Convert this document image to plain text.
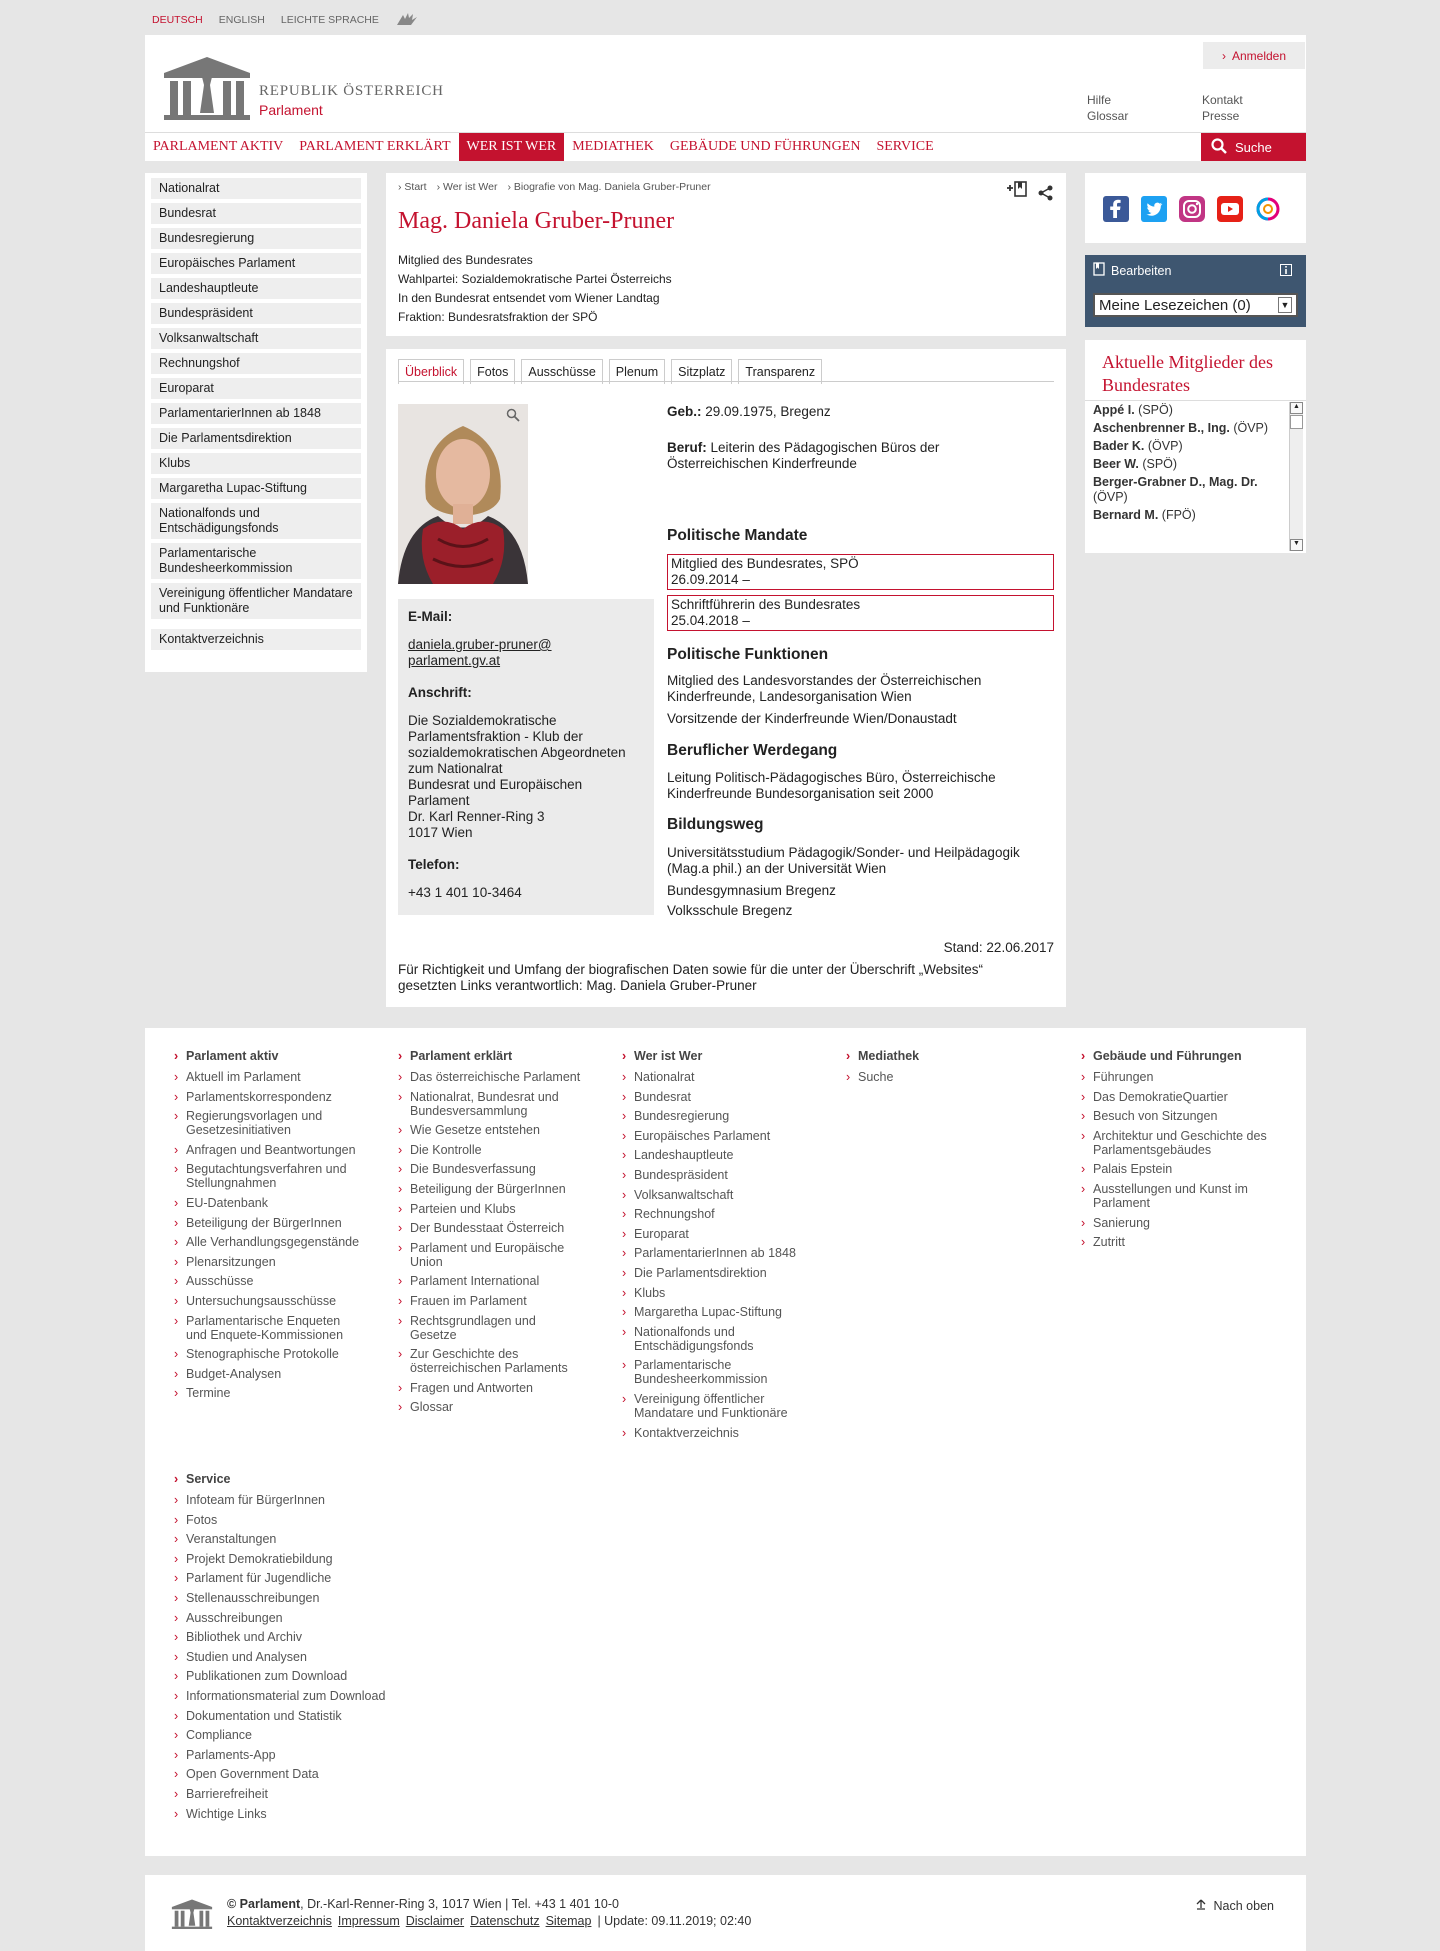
DEUTSCH ENGLISH LEICHTE SPRACHE
› Anmelden
Hilfe
Glossar
Kontakt
Presse
REPUBLIK ÖSTERREICH
Parlament
PARLAMENT AKTIV	PARLAMENT ERKLÄRT	WER IST WER	MEDIATHEK	GEBÄUDE UND FÜHRUNGEN	SERVICE	Suche
Nationalrat
Bundesrat
Bundesregierung
Europäisches Parlament
Landeshauptleute
Bundespräsident
Volksanwaltschaft
Rechnungshof
Europarat
ParlamentarierInnen ab 1848
Die Parlamentsdirektion
Klubs
Margaretha Lupac-Stiftung
Nationalfonds und Entschädigungsfonds
Parlamentarische Bundesheerkommission
Vereinigung öffentlicher Mandatare und Funktionäre
Kontaktverzeichnis
› Start	› Wer ist Wer	› Biografie von Mag. Daniela Gruber-Pruner
Mag. Daniela Gruber-Pruner
Mitglied des Bundesrates
Wahlpartei: Sozialdemokratische Partei Österreichs
In den Bundesrat entsendet vom Wiener Landtag
Fraktion: Bundesratsfraktion der SPÖ
Überblick	Fotos	Ausschüsse	Plenum	Sitzplatz	Transparenz
E-Mail:

daniela.gruber-pruner@
parlament.gv.at

Anschrift:

Die Sozialdemokratische
Parlamentsfraktion - Klub der
sozialdemokratischen Abgeordneten
zum Nationalrat
Bundesrat und Europäischen
Parlament
Dr. Karl Renner-Ring 3
1017 Wien

Telefon:

+43 1 401 10-3464

Geb.: 29.09.1975, Bregenz
Beruf: Leiterin des Pädagogischen Büros der Österreichischen Kinderfreunde
Politische Mandate
Mitglied des Bundesrates, SPÖ
26.09.2014 –
Schriftführerin des Bundesrates
25.04.2018 –
Politische Funktionen
Mitglied des Landesvorstandes der Österreichischen Kinderfreunde, Landesorganisation Wien
Vorsitzende der Kinderfreunde Wien/Donaustadt
Beruflicher Werdegang
Leitung Politisch-Pädagogisches Büro, Österreichische Kinderfreunde Bundesorganisation seit 2000
Bildungsweg
Universitätsstudium Pädagogik/Sonder- und Heilpädagogik (Mag.a phil.) an der Universität Wien
Bundesgymnasium Bregenz
Volksschule Bregenz
Stand: 22.06.2017
Für Richtigkeit und Umfang der biografischen Daten sowie für die unter der Überschrift „Websites“ gesetzten Links verantwortlich: Mag. Daniela Gruber-Pruner
Bearbeiten
Meine Lesezeichen (0)	▼
Aktuelle Mitglieder des Bundesrates
Appé I. (SPÖ)
Aschenbrenner B., Ing. (ÖVP)
Bader K. (ÖVP)
Beer W. (SPÖ)
Berger-Grabner D., Mag. Dr. (ÖVP)
Bernard M. (FPÖ)
▲
▼
› Parlament aktiv
› Aktuell im Parlament
› Parlamentskorrespondenz
› Regierungsvorlagen und Gesetzesinitiativen
› Anfragen und Beantwortungen
› Begutachtungsverfahren und Stellungnahmen
› EU-Datenbank
› Beteiligung der BürgerInnen
› Alle Verhandlungsgegenstände
› Plenarsitzungen
› Ausschüsse
› Untersuchungsausschüsse
› Parlamentarische Enqueten und Enquete-Kommissionen
› Stenographische Protokolle
› Budget-Analysen
› Termine
› Parlament erklärt
› Das österreichische Parlament
› Nationalrat, Bundesrat und Bundesversammlung
› Wie Gesetze entstehen
› Die Kontrolle
› Die Bundesverfassung
› Beteiligung der BürgerInnen
› Parteien und Klubs
› Der Bundesstaat Österreich
› Parlament und Europäische Union
› Parlament International
› Frauen im Parlament
› Rechtsgrundlagen und Gesetze
› Zur Geschichte des österreichischen Parlaments
› Fragen und Antworten
› Glossar
› Wer ist Wer
› Nationalrat
› Bundesrat
› Bundesregierung
› Europäisches Parlament
› Landeshauptleute
› Bundespräsident
› Volksanwaltschaft
› Rechnungshof
› Europarat
› ParlamentarierInnen ab 1848
› Die Parlamentsdirektion
› Klubs
› Margaretha Lupac-Stiftung
› Nationalfonds und Entschädigungsfonds
› Parlamentarische Bundesheerkommission
› Vereinigung öffentlicher Mandatare und Funktionäre
› Kontaktverzeichnis
› Mediathek
› Suche
› Gebäude und Führungen
› Führungen
› Das DemokratieQuartier
› Besuch von Sitzungen
› Architektur und Geschichte des Parlamentsgebäudes
› Palais Epstein
› Ausstellungen und Kunst im Parlament
› Sanierung
› Zutritt
› Service
› Infoteam für BürgerInnen
› Fotos
› Veranstaltungen
› Projekt Demokratiebildung
› Parlament für Jugendliche
› Stellenausschreibungen
› Ausschreibungen
› Bibliothek und Archiv
› Studien und Analysen
› Publikationen zum Download
› Informationsmaterial zum Download
› Dokumentation und Statistik
› Compliance
› Parlaments-App
› Open Government Data
› Barrierefreiheit
› Wichtige Links
© Parlament, Dr.-Karl-Renner-Ring 3, 1017 Wien | Tel. +43 1 401 10-0
Kontaktverzeichnis Impressum Disclaimer Datenschutz Sitemap | Update: 09.11.2019; 02:40
Nach oben
